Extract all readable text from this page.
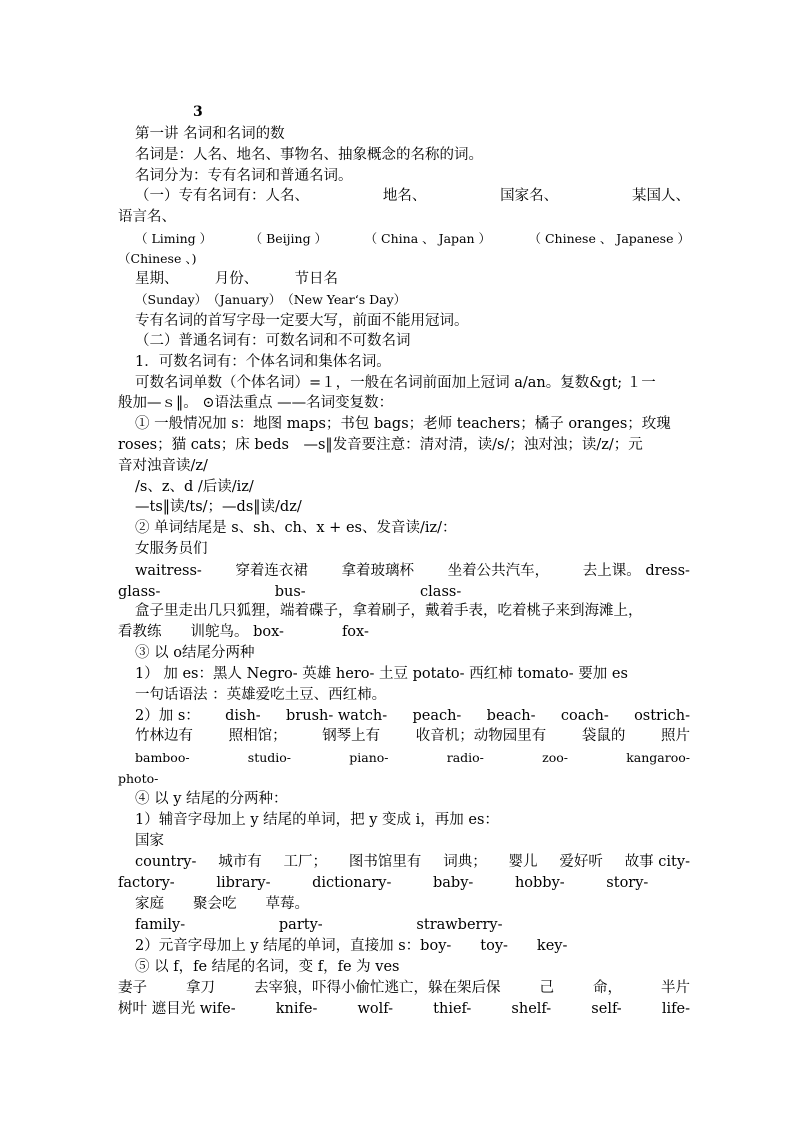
3
第一讲 名词和名词的数
名词是：人名、地名、事物名、抽象概念的名称的词。
名词分为：专有名词和普通名词。
（一）专有名词有：人名、	地名、	国家名、	某国人、
语言名、
（ Liming ）	（ Beijing ）	（ China 、 Japan ）	（ Chinese 、 Japanese ）
（Chinese 、)
星期、　　　月份、　　　节日名
（Sunday）　（January）　（New Year‘s Day）
专有名词的首写字母一定要大写，前面不能用冠词。
（二）普通名词有：可数名词和不可数名词
1．可数名词有：个体名词和集体名词。
可数名词单数（个体名词）=１，一般在名词前面加上冠词 a/an。复数&gt; １一
般加—ｓ‖。 ⊙语法重点 ——名词变复数：
① 一般情况加 s：地图 maps；书包 bags；老师 teachers；橘子 oranges；玫瑰
roses；猫 cats；床 beds　—s‖发音要注意：清对清，读/s/；浊对浊；读/z/；元
音对浊音读/z/
/s、z、d /后读/iz/
—ts‖读/ts/；—ds‖读/dz/
② 单词结尾是 s、sh、ch、x + es、发音读/iz/：
女服务员们
waitress- 穿着连衣裙 拿着玻璃杯 坐着公共汽车， 去上课。 dress-
glass-	bus-	class-
盒子里走出几只狐狸，端着碟子，拿着刷子，戴着手表，吃着桃子来到海滩上，
看教练　　训鸵鸟。 box-　　　　fox-
③ 以 o结尾分两种
1） 加 es：黑人 Negro- 英雄 hero- 土豆 potato- 西红柿 tomato- 要加 es
一句话语法 ：英雄爱吃土豆、西红柿。
2）加 s： dish- brush- watch- peach- beach- coach- ostrich-
竹林边有 照相馆； 钢琴上有 收音机；动物园里有 袋鼠的 照片
bamboo-	studio-	piano-	radio-	zoo-	kangaroo-
photo-
④ 以 y 结尾的分两种：
1）辅音字母加上 y 结尾的单词，把 y 变成 i，再加 es：
国家
country- 城市有 工厂； 图书馆里有 词典； 婴儿 爱好听 故事 city-
factory-	library-	dictionary-	baby-	hobby-	story-
家庭　　聚会吃　　草莓。
family-	party-	strawberry-
2）元音字母加上 y 结尾的单词，直接加 s：boy-　　toy-　　key-
⑤ 以 f，fe 结尾的名词，变 f，fe 为 ves
妻子	拿刀	去宰狼，吓得小偷忙逃亡，躲在架后保	己	命，	半片
树叶 遮目光 wife-	knife-	wolf-	thief-	shelf-	self-	life-
